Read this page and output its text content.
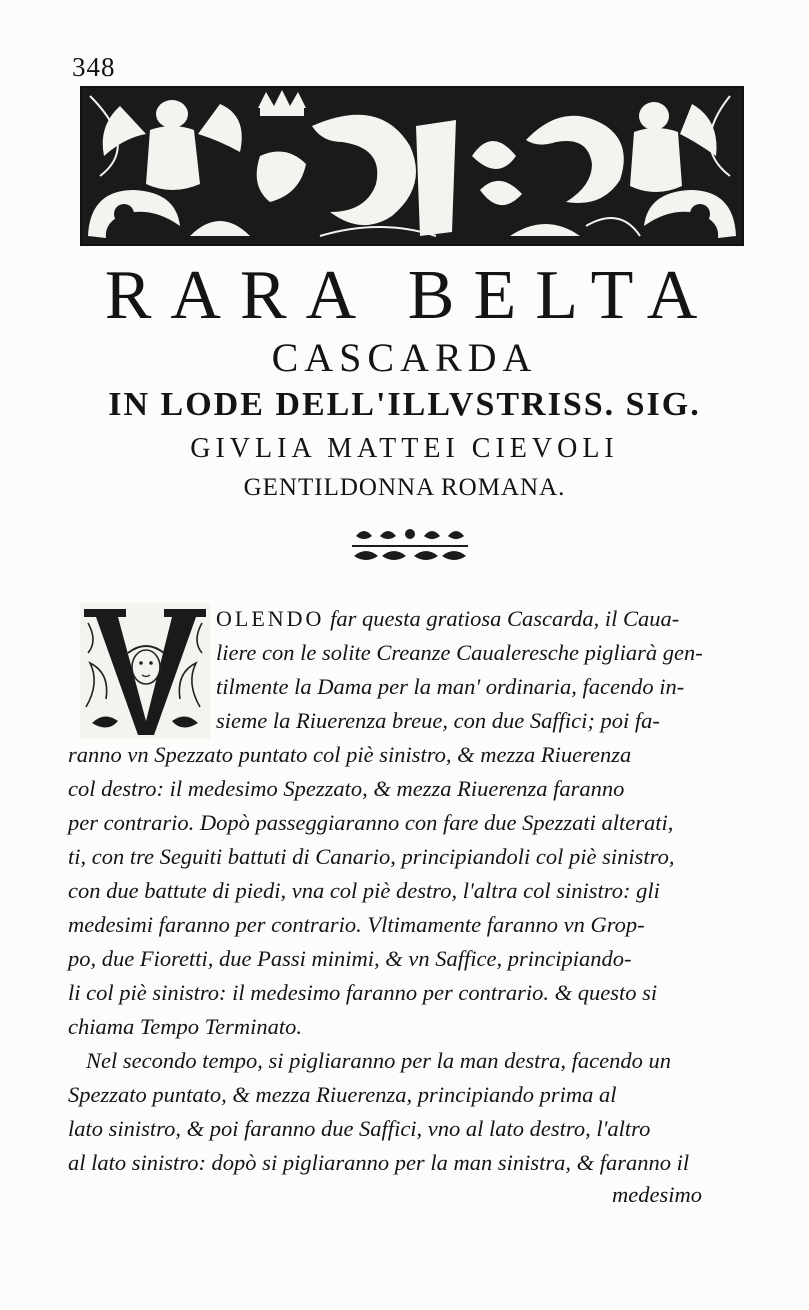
348
RARA BELTA
CASCARDA
IN LODE DELL'ILLVSTRISS. SIG.
GIVLIA MATTEI CIEVOLI
GENTILDONNA ROMANA.
OLENDO far questa gratiosa Cascarda, il Caua-
liere con le solite Creanze Caualeresche pigliarà gen-
tilmente la Dama per la man' ordinaria, facendo in-
sieme la Riuerenza breue, con due Saffici; poi fa-
ranno vn Spezzato puntato col piè sinistro, & mezza Riuerenza
col destro: il medesimo Spezzato, & mezza Riuerenza faranno
per contrario. Dopò passeggiaranno con fare due Spezzati alterati,
ti, con tre Seguiti battuti di Canario, principiandoli col piè sinistro,
con due battute di piedi, vna col piè destro, l'altra col sinistro: gli
medesimi faranno per contrario. Vltimamente faranno vn Grop-
po, due Fioretti, due Passi minimi, & vn Saffice, principiando-
li col piè sinistro: il medesimo faranno per contrario. & questo si
chiama Tempo Terminato.
Nel secondo tempo, si pigliaranno per la man destra, facendo un
Spezzato puntato, & mezza Riuerenza, principiando prima al
lato sinistro, & poi faranno due Saffici, vno al lato destro, l'altro
al lato sinistro: dopò si pigliaranno per la man sinistra, & faranno il
medesimo
